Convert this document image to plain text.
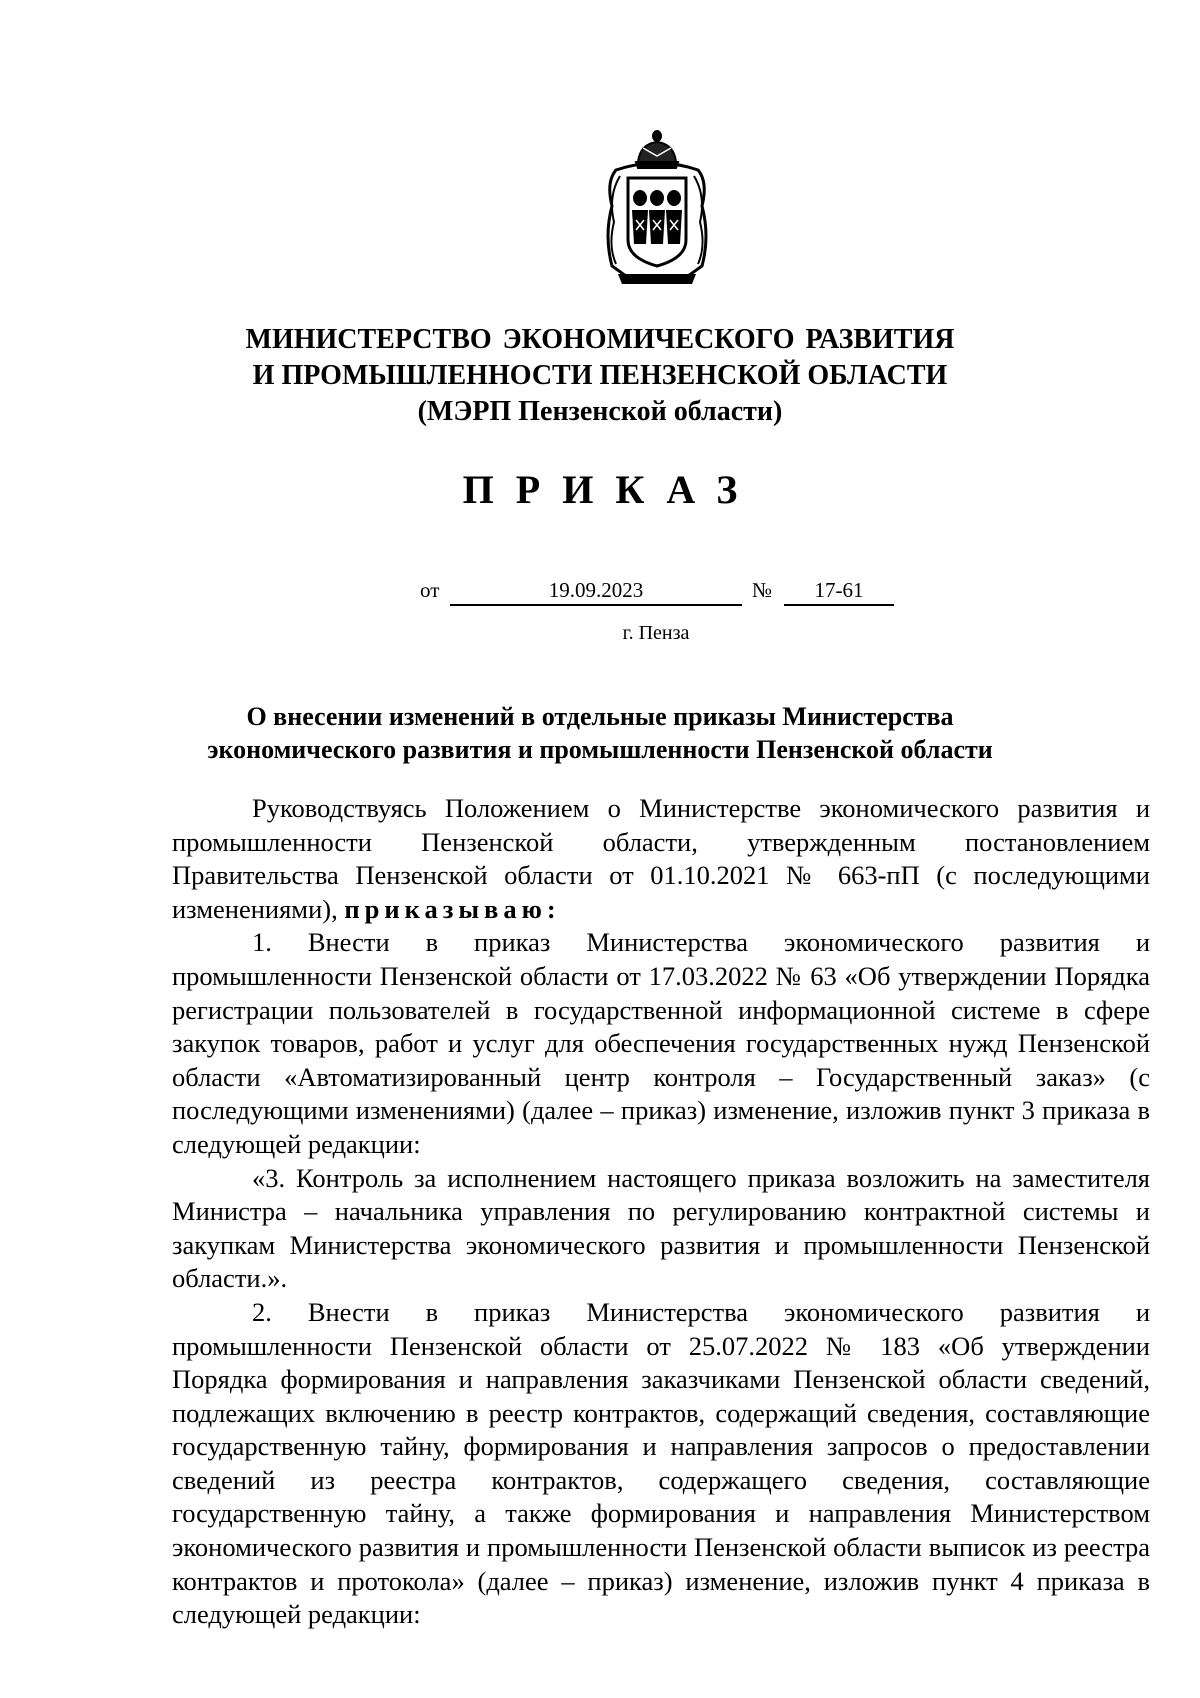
МИНИСТЕРСТВО ЭКОНОМИЧЕСКОГО РАЗВИТИЯ
И ПРОМЫШЛЕННОСТИ ПЕНЗЕНСКОЙ ОБЛАСТИ
(МЭРП Пензенской области)
ПРИКАЗ
от	19.09.2023	№	17-61
г. Пенза
О внесении изменений в отдельные приказы Министерства
экономического развития и промышленности Пензенской области

Руководствуясь Положением о Министерстве экономического развития и промышленности Пензенской области, утвержденным постановлением Правительства Пензенской области от 01.10.2021 № 663-пП (с последующими изменениями), приказываю:

1. Внести в приказ Министерства экономического развития и промышленности Пензенской области от 17.03.2022 № 63 «Об утверждении Порядка регистрации пользователей в государственной информационной системе в сфере закупок товаров, работ и услуг для обеспечения государственных нужд Пензенской области «Автоматизированный центр контроля – Государственный заказ» (с последующими изменениями) (далее – приказ) изменение, изложив пункт 3 приказа в следующей редакции:

«3. Контроль за исполнением настоящего приказа возложить на заместителя Министра – начальника управления по регулированию контрактной системы и закупкам Министерства экономического развития и промышленности Пензенской области.».

2. Внести в приказ Министерства экономического развития и промышленности Пензенской области от 25.07.2022 № 183 «Об утверждении Порядка формирования и направления заказчиками Пензенской области сведений, подлежащих включению в реестр контрактов, содержащий сведения, составляющие государственную тайну, формирования и направления запросов о предоставлении сведений из реестра контрактов, содержащего сведения, составляющие государственную тайну, а также формирования и направления Министерством экономического развития и промышленности Пензенской области выписок из реестра контрактов и протокола» (далее – приказ) изменение, изложив пункт 4 приказа в следующей редакции:
